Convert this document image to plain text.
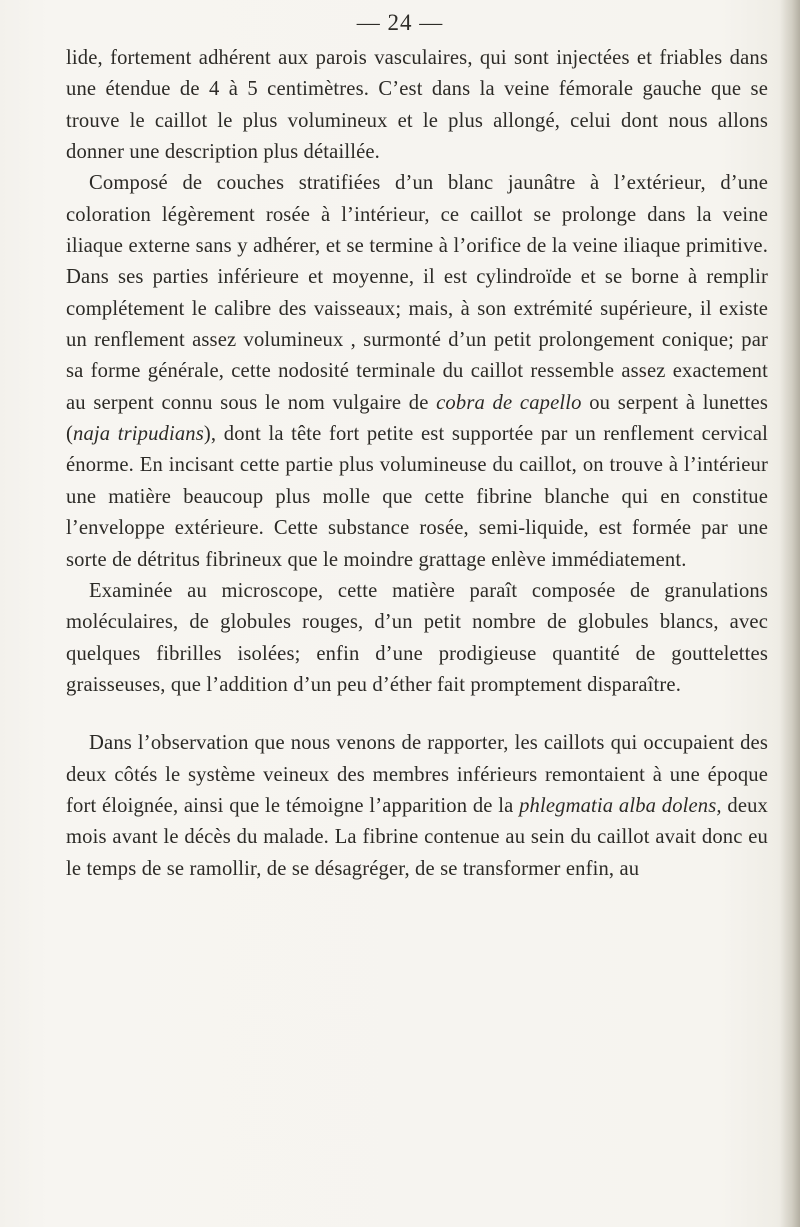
— 24 —

lide, fortement adhérent aux parois vasculaires, qui sont injectées et friables dans une étendue de 4 à 5 centimètres. C’est dans la veine fémorale gauche que se trouve le caillot le plus volumineux et le plus allongé, celui dont nous allons donner une description plus détaillée.

Composé de couches stratifiées d’un blanc jaunâtre à l’extérieur, d’une coloration légèrement rosée à l’intérieur, ce caillot se prolonge dans la veine iliaque externe sans y adhérer, et se termine à l’orifice de la veine iliaque primitive. Dans ses parties inférieure et moyenne, il est cylindroïde et se borne à remplir complétement le calibre des vaisseaux; mais, à son extrémité supérieure, il existe un renflement assez volumineux , surmonté d’un petit prolongement conique; par sa forme générale, cette nodosité terminale du caillot ressemble assez exactement au serpent connu sous le nom vulgaire de cobra de capello ou serpent à lunettes (naja tripudians), dont la tête fort petite est supportée par un renflement cervical énorme. En incisant cette partie plus volumineuse du caillot, on trouve à l’intérieur une matière beaucoup plus molle que cette fibrine blanche qui en constitue l’enveloppe extérieure. Cette substance rosée, semi-liquide, est formée par une sorte de détritus fibrineux que le moindre grattage enlève immédiatement.

Examinée au microscope, cette matière paraît composée de granulations moléculaires, de globules rouges, d’un petit nombre de globules blancs, avec quelques fibrilles isolées; enfin d’une prodigieuse quantité de gouttelettes graisseuses, que l’addition d’un peu d’éther fait promptement disparaître.

Dans l’observation que nous venons de rapporter, les caillots qui occupaient des deux côtés le système veineux des membres inférieurs remontaient à une époque fort éloignée, ainsi que le témoigne l’apparition de la phlegmatia alba dolens, deux mois avant le décès du malade. La fibrine contenue au sein du caillot avait donc eu le temps de se ramollir, de se désagréger, de se transformer enfin, au
